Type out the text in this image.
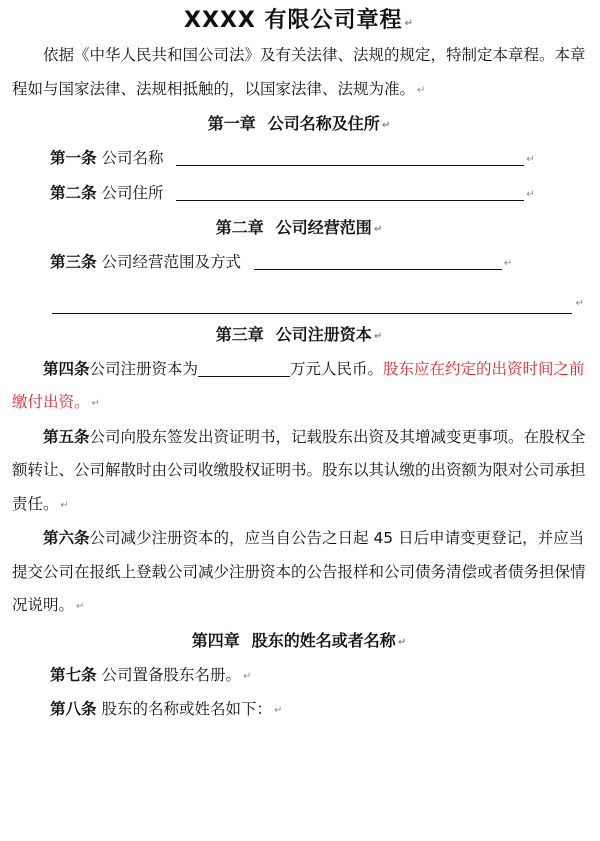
XXXX 有限公司章程 ↵

依据《中华人民共和国公司法》及有关法律、法规的规定，特制定本章程。本章程如与国家法律、法规相抵触的，以国家法律、法规为准。 ↵

第一章 公司名称及住所 ↵

第一条 公司名称	↵

第二条 公司住所	↵

第二章 公司经营范围 ↵

第三条 公司经营范围及方式	↵

↵
第三章 公司注册资本 ↵

第四条公司注册资本为	万元人民币。股东应在约定的出资时间之前缴付出资。 ↵

第五条公司向股东签发出资证明书，记载股东出资及其增减变更事项。在股权全额转让、公司解散时由公司收缴股权证明书。股东以其认缴的出资额为限对公司承担责任。 ↵

第六条公司减少注册资本的，应当自公告之日起 45 日后申请变更登记，并应当提交公司在报纸上登载公司减少注册资本的公告报样和公司债务清偿或者债务担保情况说明。 ↵

第四章 股东的姓名或者名称 ↵

第七条 公司置备股东名册。 ↵

第八条 股东的名称或姓名如下： ↵
